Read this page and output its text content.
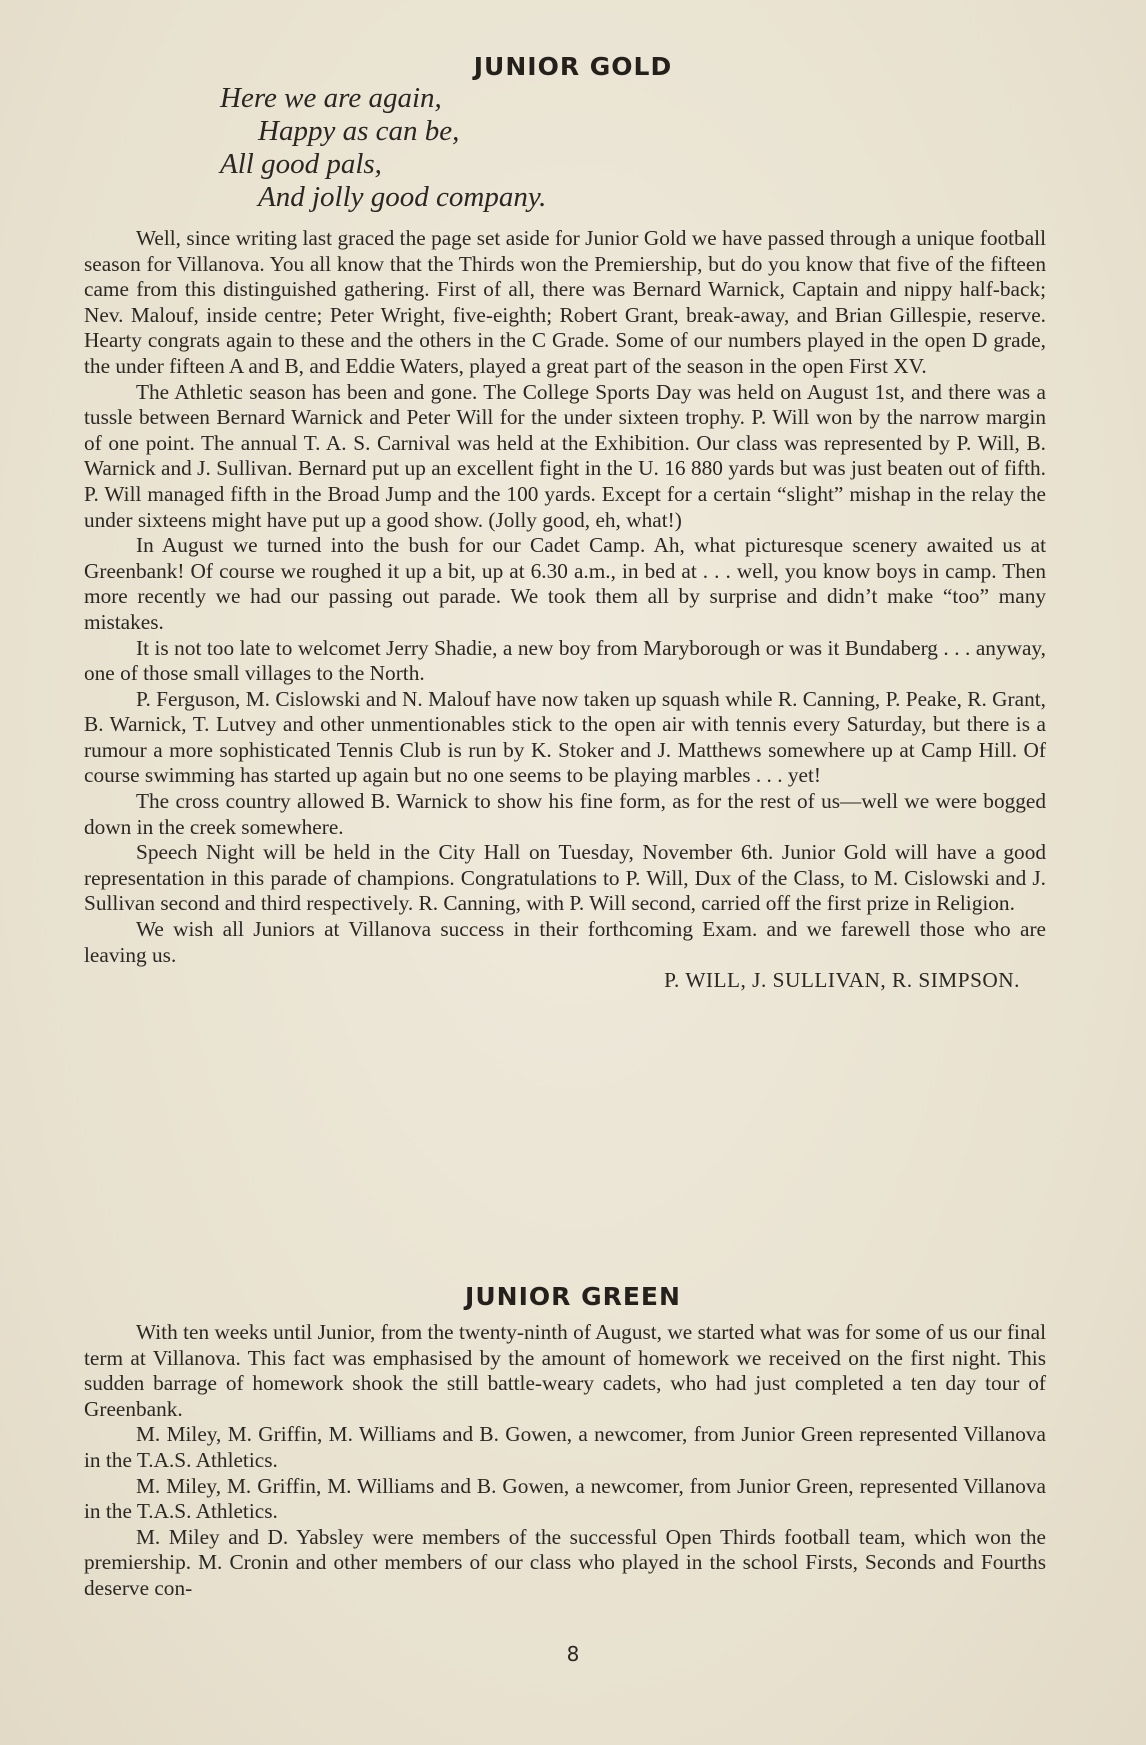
JUNIOR GOLD
Here we are again,
Happy as can be,
All good pals,
And jolly good company.

Well, since writing last graced the page set aside for Junior Gold we have passed through a unique football season for Villanova. You all know that the Thirds won the Premiership, but do you know that five of the fifteen came from this distinguished gathering. First of all, there was Bernard Warnick, Captain and nippy half-back; Nev. Malouf, inside centre; Peter Wright, five-eighth; Robert Grant, break-away, and Brian Gillespie, reserve. Hearty congrats again to these and the others in the C Grade. Some of our numbers played in the open D grade, the under fifteen A and B, and Eddie Waters, played a great part of the season in the open First XV.

The Athletic season has been and gone. The College Sports Day was held on August 1st, and there was a tussle between Bernard Warnick and Peter Will for the under sixteen trophy. P. Will won by the narrow margin of one point. The annual T. A. S. Carnival was held at the Exhibition. Our class was represented by P. Will, B. Warnick and J. Sullivan. Bernard put up an excellent fight in the U. 16 880 yards but was just beaten out of fifth. P. Will managed fifth in the Broad Jump and the 100 yards. Except for a certain “slight” mishap in the relay the under sixteens might have put up a good show. (Jolly good, eh, what!)

In August we turned into the bush for our Cadet Camp. Ah, what picturesque scenery awaited us at Greenbank! Of course we roughed it up a bit, up at 6.30 a.m., in bed at . . . well, you know boys in camp. Then more recently we had our passing out parade. We took them all by surprise and didn’t make “too” many mistakes.

It is not too late to welcomet Jerry Shadie, a new boy from Maryborough or was it Bundaberg . . . anyway, one of those small villages to the North.

P. Ferguson, M. Cislowski and N. Malouf have now taken up squash while R. Canning, P. Peake, R. Grant, B. Warnick, T. Lutvey and other unmentionables stick to the open air with tennis every Saturday, but there is a rumour a more sophisticated Tennis Club is run by K. Stoker and J. Matthews somewhere up at Camp Hill. Of course swimming has started up again but no one seems to be playing marbles . . . yet!

The cross country allowed B. Warnick to show his fine form, as for the rest of us—well we were bogged down in the creek somewhere.

Speech Night will be held in the City Hall on Tuesday, November 6th. Junior Gold will have a good representation in this parade of champions. Congratulations to P. Will, Dux of the Class, to M. Cislowski and J. Sullivan second and third respectively. R. Canning, with P. Will second, carried off the first prize in Religion.

We wish all Juniors at Villanova success in their forthcoming Exam. and we farewell those who are leaving us.

P. WILL, J. SULLIVAN, R. SIMPSON.

JUNIOR GREEN

With ten weeks until Junior, from the twenty-ninth of August, we started what was for some of us our final term at Villanova. This fact was emphasised by the amount of homework we received on the first night. This sudden barrage of homework shook the still battle-weary cadets, who had just completed a ten day tour of Greenbank.

M. Miley, M. Griffin, M. Williams and B. Gowen, a newcomer, from Junior Green represented Villanova in the T.A.S. Athletics.

M. Miley, M. Griffin, M. Williams and B. Gowen, a newcomer, from Junior Green, represented Villanova in the T.A.S. Athletics.

M. Miley and D. Yabsley were members of the successful Open Thirds football team, which won the premiership. M. Cronin and other members of our class who played in the school Firsts, Seconds and Fourths deserve con-

8
